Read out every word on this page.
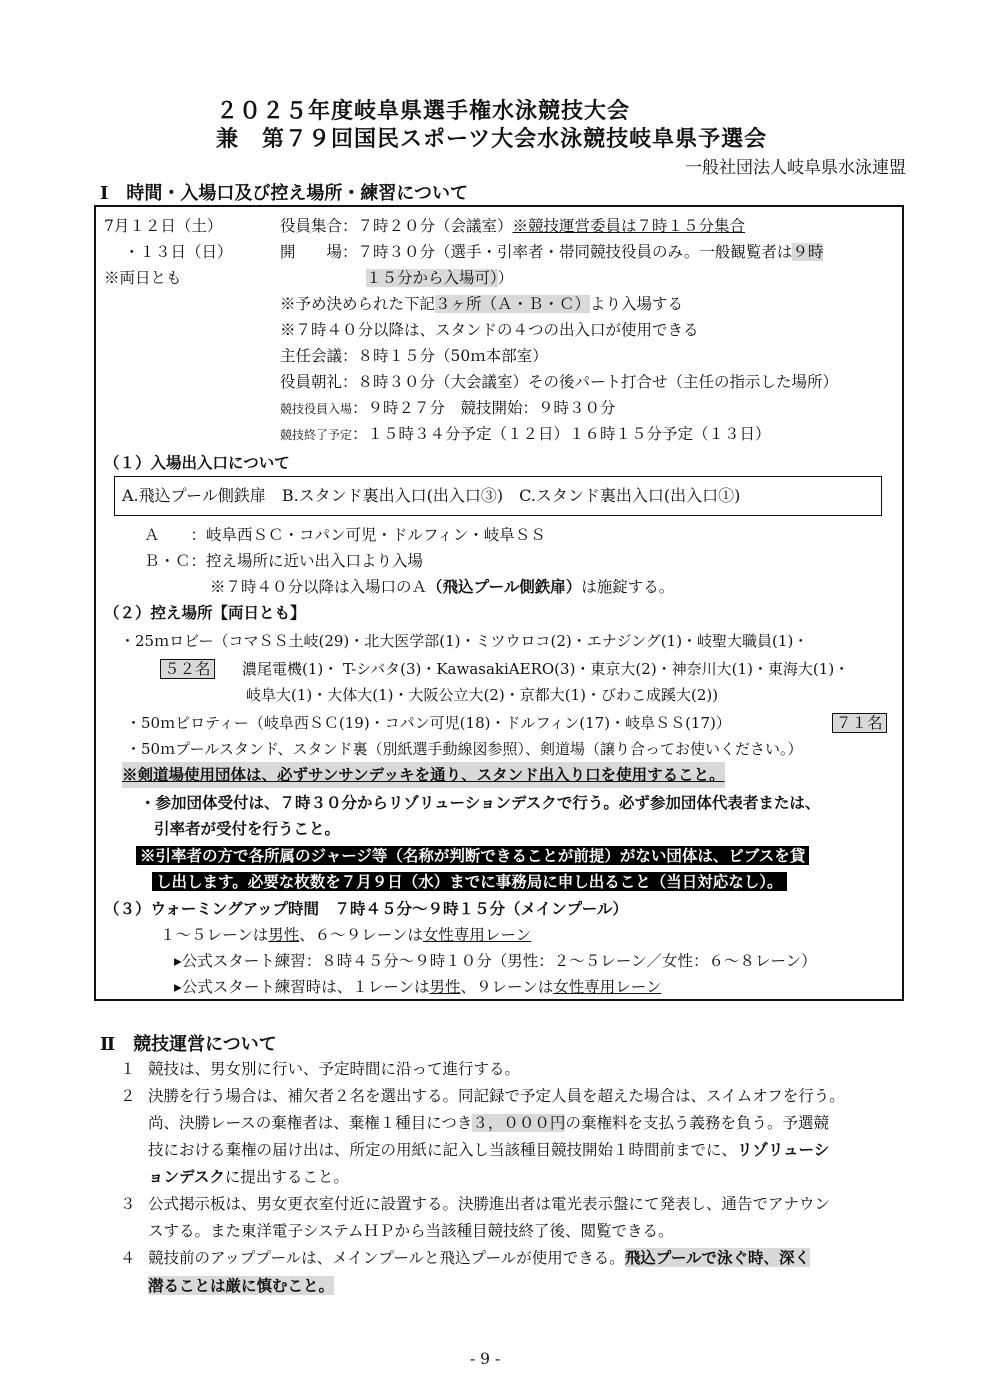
２０２５年度岐阜県選手権水泳競技大会
兼　第７９回国民スポーツ大会水泳競技岐阜県予選会
一般社団法人岐阜県水泳連盟
Ⅰ　時間・入場口及び控え場所・練習について
7月１２日（土）
・１３日（日）
※両日とも
役員集合：７時２０分（会議室）※競技運営委員は７時１５分集合
開　　場：７時３０分（選手・引率者・帯同競技役員のみ。一般観覧者は９時
１５分から入場可））
※予め決められた下記３ヶ所（Ａ・Ｂ・Ｃ）より入場する
※７時４０分以降は、スタンドの４つの出入口が使用できる
主任会議：８時１５分（50ｍ本部室）
役員朝礼：８時３０分（大会議室）その後パート打合せ（主任の指示した場所）
競技役員入場：９時２７分　競技開始：９時３０分
競技終了予定：１５時３４分予定（１２日）１６時１５分予定（１３日）
（１）入場出入口について
A.飛込プール側鉄扉　B.スタンド裏出入口(出入口③)　C.スタンド裏出入口(出入口①)
Ａ　　：岐阜西ＳＣ・コパン可児・ドルフィン・岐阜ＳＳ
Ｂ・Ｃ：控え場所に近い出入口より入場
※７時４０分以降は入場口のＡ（飛込プール側鉄扉）は施錠する。
（２）控え場所【両日とも】
・25ｍロビー（コマＳＳ土岐(29)・北大医学部(1)・ミツウロコ(2)・エナジング(1)・岐聖大職員(1)・
５２名 濃尾電機(1)・ T-シバタ(3)・KawasakiAERO(3)・東京大(2)・神奈川大(1)・東海大(1)・
岐阜大(1)・大体大(1)・大阪公立大(2)・京都大(1)・びわこ成蹊大(2))
・50ｍピロティー（岐阜西ＳＣ(19)・コパン可児(18)・ドルフィン(17)・岐阜ＳＳ(17)）	７１名
・50ｍプールスタンド、スタンド裏（別紙選手動線図参照）、剣道場（譲り合ってお使いください。）
※剣道場使用団体は、必ずサンサンデッキを通り、スタンド出入り口を使用すること。
・参加団体受付は、７時３０分からリゾリューションデスクで行う。必ず参加団体代表者または、
引率者が受付を行うこと。
※引率者の方で各所属のジャージ等（名称が判断できることが前提）がない団体は、ビブスを貸
し出します。必要な枚数を７月９日（水）までに事務局に申し出ること（当日対応なし）。
（３）ウォーミングアップ時間　７時４５分～９時１５分（メインプール）
１～５レーンは男性、６～９レーンは女性専用レーン
▸公式スタート練習：８時４５分～９時１０分（男性：２～５レーン／女性：６～８レーン）
▸公式スタート練習時は、１レーンは男性、９レーンは女性専用レーン
Ⅱ　競技運営について
１ 競技は、男女別に行い、予定時間に沿って進行する。
２ 決勝を行う場合は、補欠者２名を選出する。同記録で予定人員を超えた場合は、スイムオフを行う。
尚、決勝レースの棄権者は、棄権１種目につき３，０００円の棄権料を支払う義務を負う。予選競
技における棄権の届け出は、所定の用紙に記入し当該種目競技開始１時間前までに、リゾリューシ
ョンデスクに提出すること。
３ 公式掲示板は、男女更衣室付近に設置する。決勝進出者は電光表示盤にて発表し、通告でアナウン
スする。また東洋電子システムＨＰから当該種目競技終了後、閲覧できる。
４ 競技前のアッププールは、メインプールと飛込プールが使用できる。飛込プールで泳ぐ時、深く
潜ることは厳に慎むこと。
- 9 -
